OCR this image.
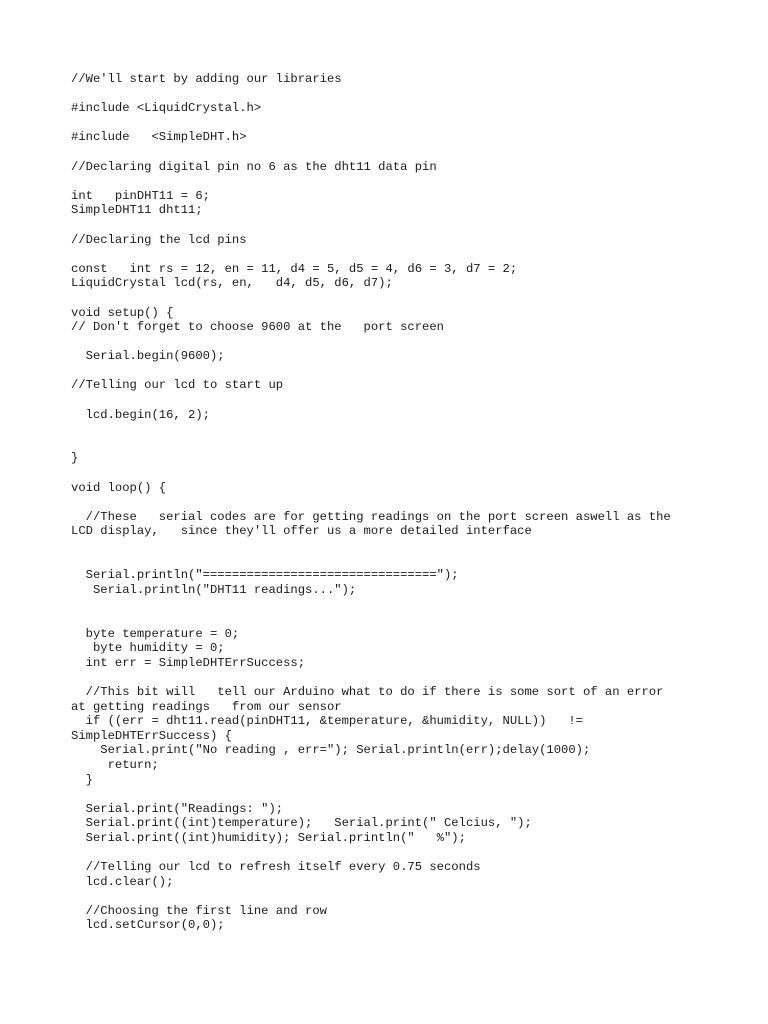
//We'll start by adding our libraries
#include <LiquidCrystal.h>
#include   <SimpleDHT.h>
//Declaring digital pin no 6 as the dht11 data pin
int   pinDHT11 = 6;
SimpleDHT11 dht11;
//Declaring the lcd pins
const   int rs = 12, en = 11, d4 = 5, d5 = 4, d6 = 3, d7 = 2;
LiquidCrystal lcd(rs, en,   d4, d5, d6, d7);
void setup() {
// Don't forget to choose 9600 at the   port screen
Serial.begin(9600);
//Telling our lcd to start up
lcd.begin(16, 2);
}
void loop() {
//These   serial codes are for getting readings on the port screen aswell as the
LCD display,   since they'll offer us a more detailed interface
Serial.println("================================");
Serial.println("DHT11 readings...");
byte temperature = 0;
byte humidity = 0;
int err = SimpleDHTErrSuccess;
//This bit will   tell our Arduino what to do if there is some sort of an error
at getting readings   from our sensor
if ((err = dht11.read(pinDHT11, &temperature, &humidity, NULL))   !=
SimpleDHTErrSuccess) {
Serial.print("No reading , err="); Serial.println(err);delay(1000);
return;
}
Serial.print("Readings: ");
Serial.print((int)temperature);   Serial.print(" Celcius, ");
Serial.print((int)humidity); Serial.println("   %");
//Telling our lcd to refresh itself every 0.75 seconds
lcd.clear();
//Choosing the first line and row
lcd.setCursor(0,0);
